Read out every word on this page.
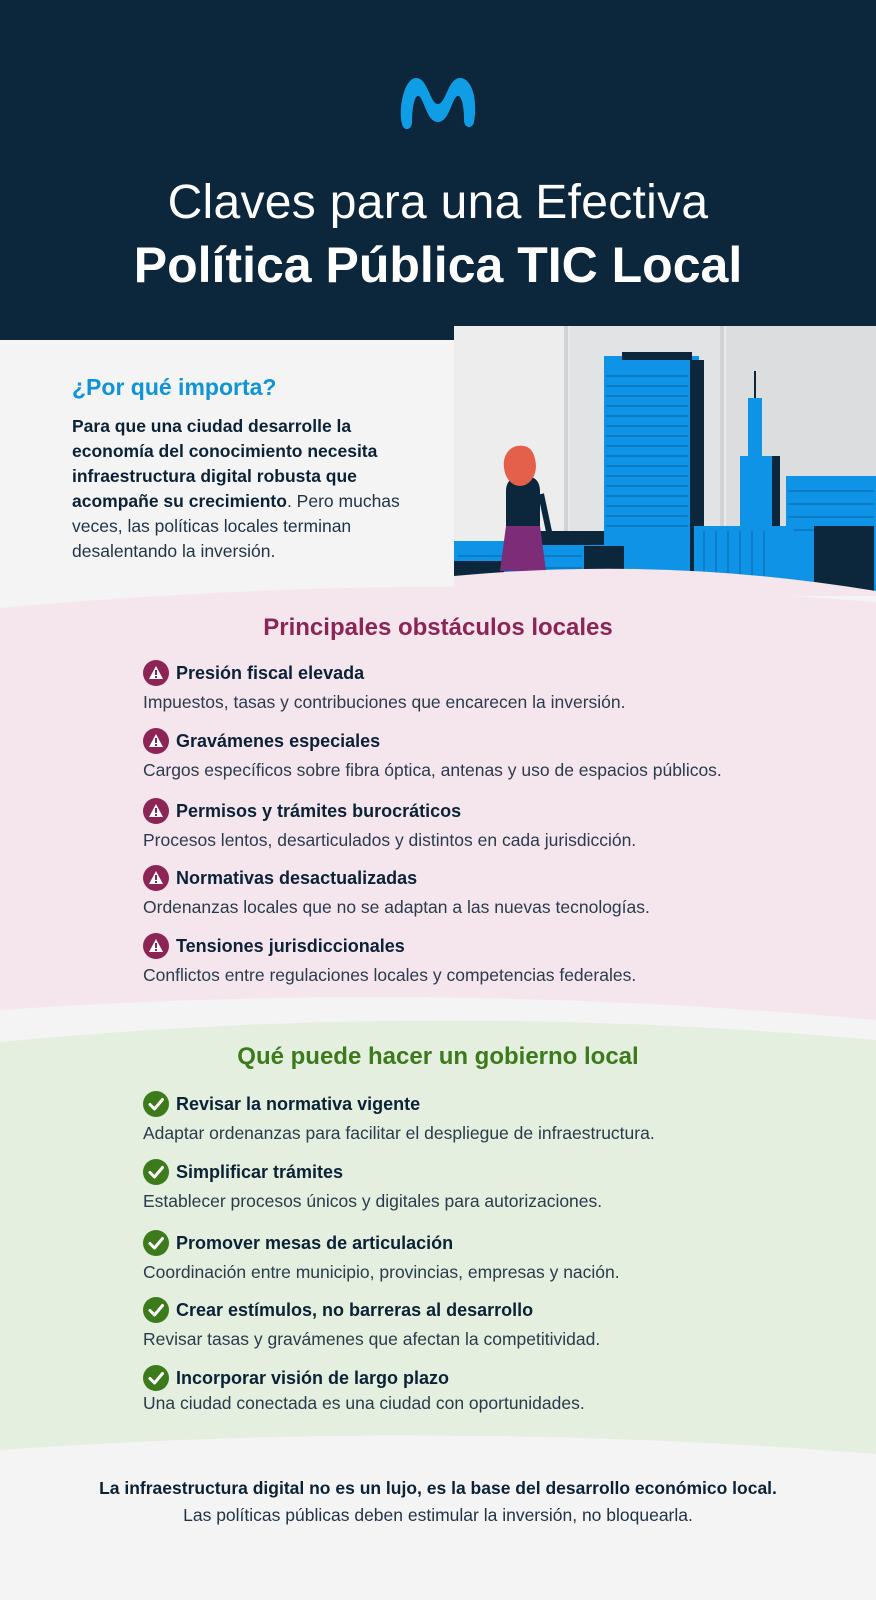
Claves para una Efectiva
Política Pública TIC Local
¿Por qué importa?
Para que una ciudad desarrolle la economía del conocimiento necesita infraestructura digital robusta que acompañe su crecimiento. Pero muchas veces, las políticas locales terminan desalentando la inversión.
Principales obstáculos locales
Presión fiscal elevada
Impuestos, tasas y contribuciones que encarecen la inversión.
Gravámenes especiales
Cargos específicos sobre fibra óptica, antenas y uso de espacios públicos.
Permisos y trámites burocráticos
Procesos lentos, desarticulados y distintos en cada jurisdicción.
Normativas desactualizadas
Ordenanzas locales que no se adaptan a las nuevas tecnologías.
Tensiones jurisdiccionales
Conflictos entre regulaciones locales y competencias federales.
Qué puede hacer un gobierno local
Revisar la normativa vigente
Adaptar ordenanzas para facilitar el despliegue de infraestructura.
Simplificar trámites
Establecer procesos únicos y digitales para autorizaciones.
Promover mesas de articulación
Coordinación entre municipio, provincias, empresas y nación.
Crear estímulos, no barreras al desarrollo
Revisar tasas y gravámenes que afectan la competitividad.
Incorporar visión de largo plazo
Una ciudad conectada es una ciudad con oportunidades.
La infraestructura digital no es un lujo, es la base del desarrollo económico local.
Las políticas públicas deben estimular la inversión, no bloquearla.
